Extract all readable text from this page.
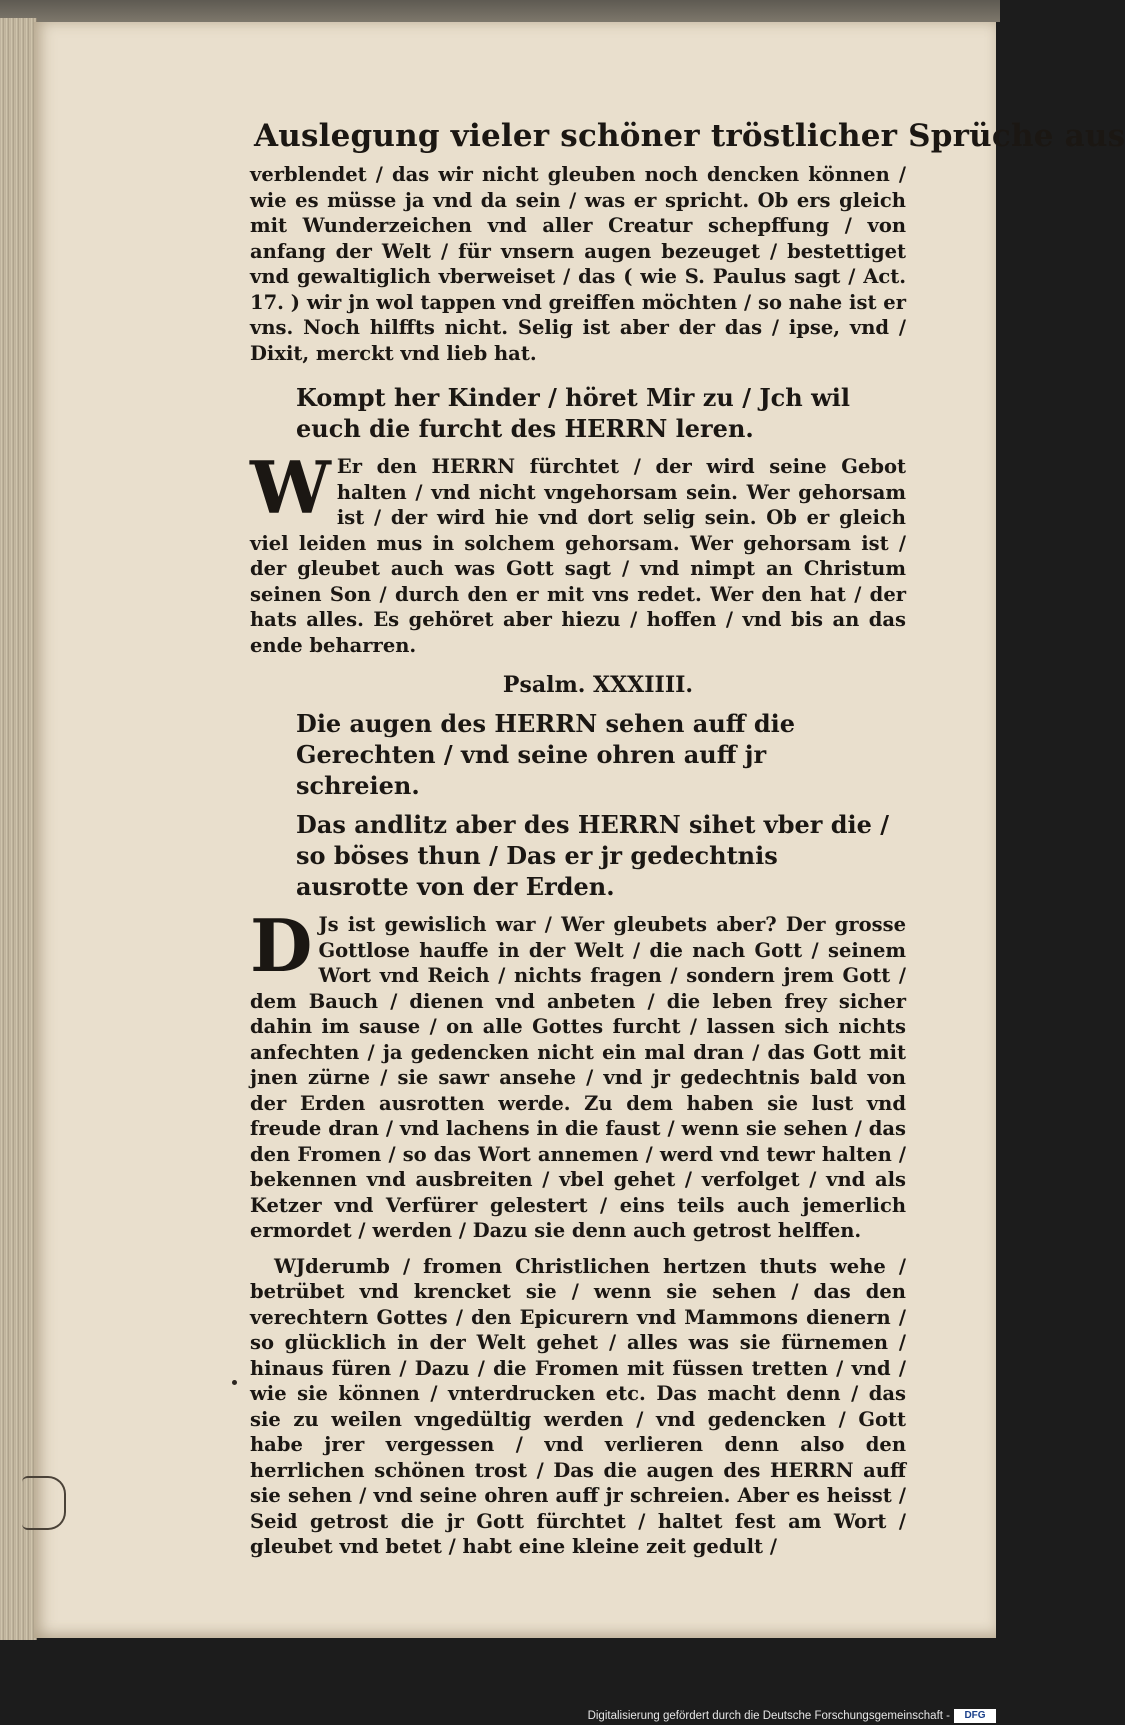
Auslegung vieler schöner tröstlicher Sprüche aus

verblendet / das wir nicht gleuben noch dencken können / wie es müsse ja vnd da sein / was er spricht. Ob ers gleich mit Wunderzeichen vnd aller Creatur schepffung / von anfang der Welt / für vnsern augen bezeuget / bestettiget vnd gewaltiglich vberweiset / das ( wie S. Paulus sagt / Act. 17. ) wir jn wol tappen vnd greiffen möchten / so nahe ist er vns. Noch hilffts nicht. Selig ist aber der das / ipse, vnd / Dixit, merckt vnd lieb hat.

Kompt her Kinder / höret Mir zu / Jch wil euch die furcht des HERRN leren.

W Er den HERRN fürchtet / der wird seine Gebot halten / vnd nicht vngehorsam sein. Wer gehorsam ist / der wird hie vnd dort selig sein. Ob er gleich viel leiden mus in solchem gehorsam. Wer gehorsam ist / der gleubet auch was Gott sagt / vnd nimpt an Christum seinen Son / durch den er mit vns redet. Wer den hat / der hats alles. Es gehöret aber hiezu / hoffen / vnd bis an das ende beharren.

Psalm. XXXIIII.
Die augen des HERRN sehen auff die Gerechten / vnd seine ohren auff jr schreien.
Das andlitz aber des HERRN sihet vber die / so böses thun / Das er jr gedechtnis ausrotte von der Erden.

D Js ist gewislich war / Wer gleubets aber? Der grosse Gottlose hauffe in der Welt / die nach Gott / seinem Wort vnd Reich / nichts fragen / sondern jrem Gott / dem Bauch / dienen vnd anbeten / die leben frey sicher dahin im sause / on alle Gottes furcht / lassen sich nichts anfechten / ja gedencken nicht ein mal dran / das Gott mit jnen zürne / sie sawr ansehe / vnd jr gedechtnis bald von der Erden ausrotten werde. Zu dem haben sie lust vnd freude dran / vnd lachens in die faust / wenn sie sehen / das den Fromen / so das Wort annemen / werd vnd tewr halten / bekennen vnd ausbreiten / vbel gehet / verfolget / vnd als Ketzer vnd Verfürer gelestert / eins teils auch jemerlich ermordet / werden / Dazu sie denn auch getrost helffen.

WJderumb / fromen Christlichen hertzen thuts wehe / betrübet vnd krencket sie / wenn sie sehen / das den verechtern Gottes / den Epicurern vnd Mammons dienern / so glücklich in der Welt gehet / alles was sie fürnemen / hinaus füren / Dazu / die Fromen mit füssen tretten / vnd / wie sie können / vnterdrucken etc. Das macht denn / das sie zu weilen vngedültig werden / vnd gedencken / Gott habe jrer vergessen / vnd verlieren denn also den herrlichen schönen trost / Das die augen des HERRN auff sie sehen / vnd seine ohren auff jr schreien. Aber es heisst / Seid getrost die jr Gott fürchtet / haltet fest am Wort / gleubet vnd betet / habt eine kleine zeit gedult /

Digitalisierung gefördert durch die Deutsche Forschungsgemeinschaft -	DFG
